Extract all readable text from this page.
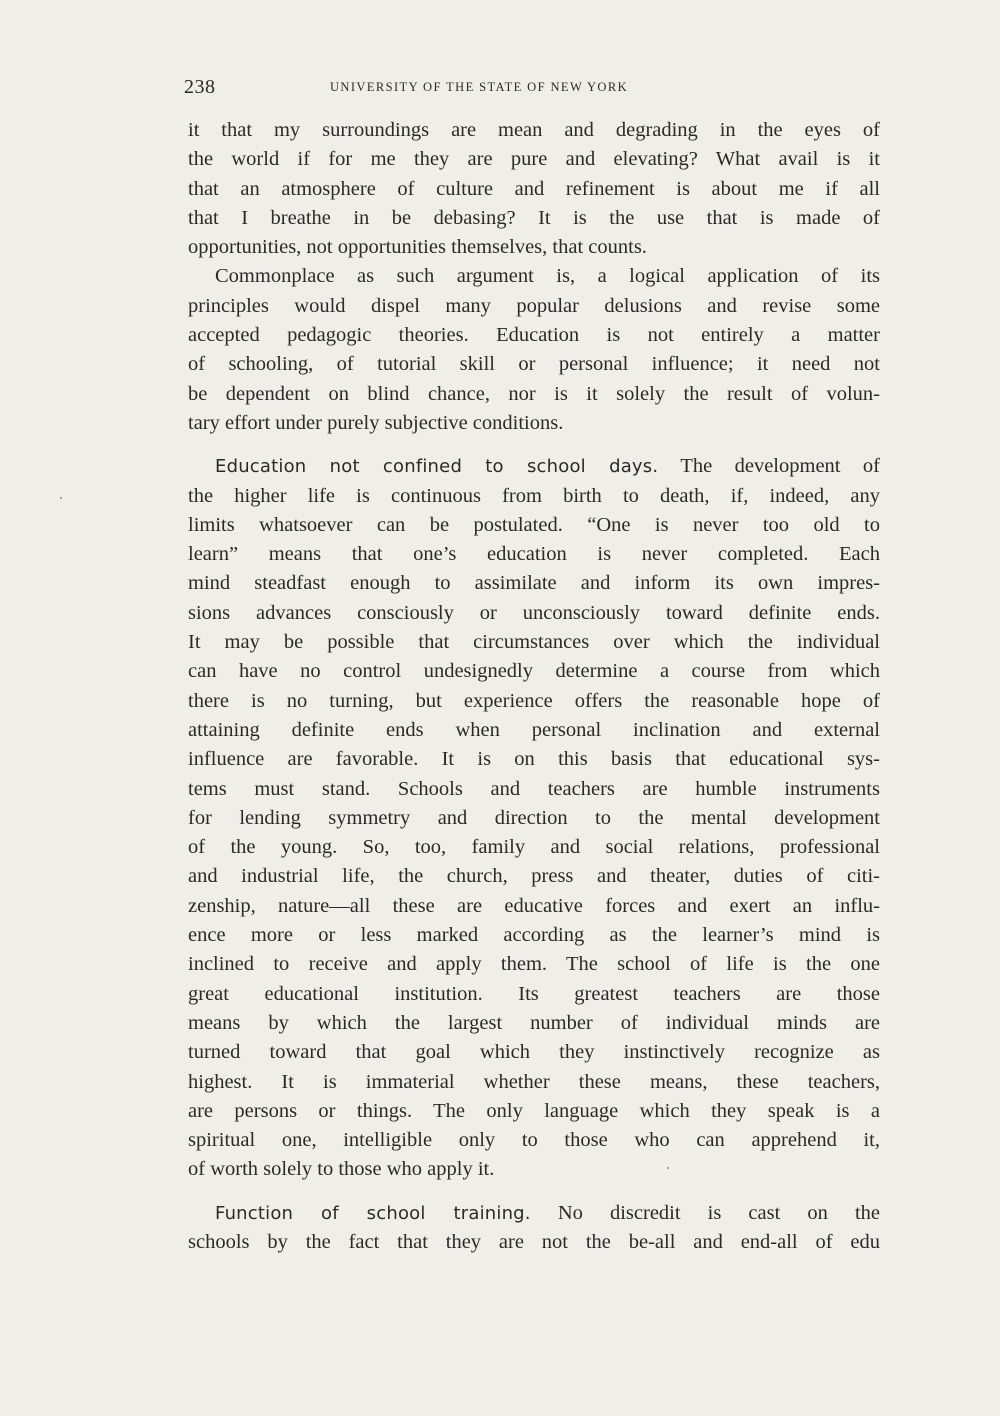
238	UNIVERSITY OF THE STATE OF NEW YORK
it that my surroundings are mean and degrading in the eyes of
the world if for me they are pure and elevating? What avail is it
that an atmosphere of culture and refinement is about me if all
that I breathe in be debasing? It is the use that is made of
opportunities, not opportunities themselves, that counts.
Commonplace as such argument is, a logical application of its
principles would dispel many popular delusions and revise some
accepted pedagogic theories. Education is not entirely a matter
of schooling, of tutorial skill or personal influence; it need not
be dependent on blind chance, nor is it solely the result of volun-
tary effort under purely subjective conditions.
Education not confined to school days. The development of
the higher life is continuous from birth to death, if, indeed, any
limits whatsoever can be postulated. “One is never too old to
learn” means that one’s education is never completed. Each
mind steadfast enough to assimilate and inform its own impres-
sions advances consciously or unconsciously toward definite ends.
It may be possible that circumstances over which the individual
can have no control undesignedly determine a course from which
there is no turning, but experience offers the reasonable hope of
attaining definite ends when personal inclination and external
influence are favorable. It is on this basis that educational sys-
tems must stand. Schools and teachers are humble instruments
for lending symmetry and direction to the mental development
of the young. So, too, family and social relations, professional
and industrial life, the church, press and theater, duties of citi-
zenship, nature—all these are educative forces and exert an influ-
ence more or less marked according as the learner’s mind is
inclined to receive and apply them. The school of life is the one
great educational institution. Its greatest teachers are those
means by which the largest number of individual minds are
turned toward that goal which they instinctively recognize as
highest. It is immaterial whether these means, these teachers,
are persons or things. The only language which they speak is a
spiritual one, intelligible only to those who can apprehend it,
of worth solely to those who apply it.
Function of school training. No discredit is cast on the
schools by the fact that they are not the be-all and end-all of edu
